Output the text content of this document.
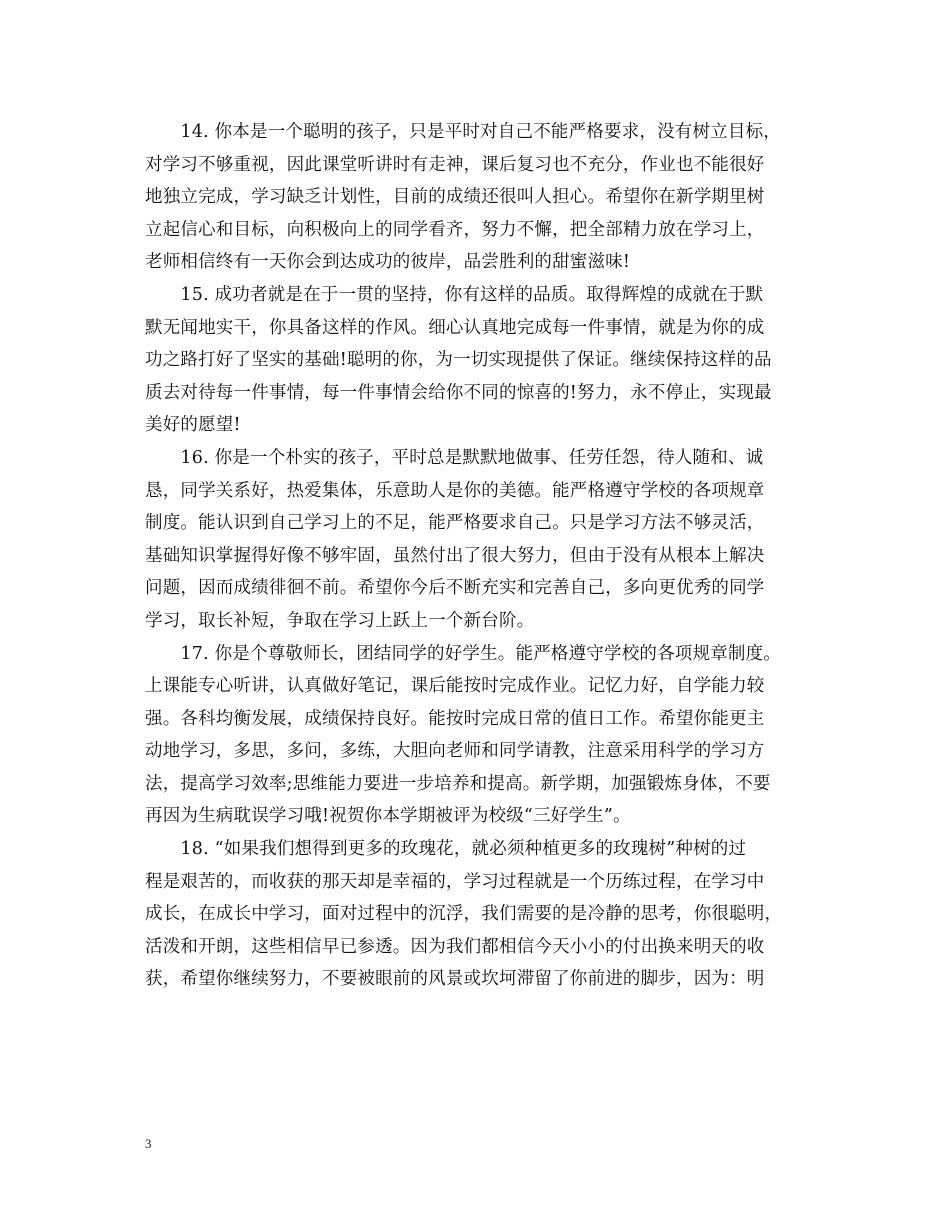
　　14. 你本是一个聪明的孩子，只是平时对自己不能严格要求，没有树立目标，
对学习不够重视，因此课堂听讲时有走神，课后复习也不充分，作业也不能很好
地独立完成，学习缺乏计划性，目前的成绩还很叫人担心。希望你在新学期里树
立起信心和目标，向积极向上的同学看齐，努力不懈，把全部精力放在学习上，
老师相信终有一天你会到达成功的彼岸，品尝胜利的甜蜜滋味!
　　15. 成功者就是在于一贯的坚持，你有这样的品质。取得辉煌的成就在于默
默无闻地实干，你具备这样的作风。细心认真地完成每一件事情，就是为你的成
功之路打好了坚实的基础!聪明的你，为一切实现提供了保证。继续保持这样的品
质去对待每一件事情，每一件事情会给你不同的惊喜的!努力，永不停止，实现最
美好的愿望!
　　16. 你是一个朴实的孩子，平时总是默默地做事、任劳任怨，待人随和、诚
恳，同学关系好，热爱集体，乐意助人是你的美德。能严格遵守学校的各项规章
制度。能认识到自己学习上的不足，能严格要求自己。只是学习方法不够灵活，
基础知识掌握得好像不够牢固，虽然付出了很大努力，但由于没有从根本上解决
问题，因而成绩徘徊不前。希望你今后不断充实和完善自己，多向更优秀的同学
学习，取长补短，争取在学习上跃上一个新台阶。
　　17. 你是个尊敬师长，团结同学的好学生。能严格遵守学校的各项规章制度。
上课能专心听讲，认真做好笔记，课后能按时完成作业。记忆力好，自学能力较
强。各科均衡发展，成绩保持良好。能按时完成日常的值日工作。希望你能更主
动地学习，多思，多问，多练，大胆向老师和同学请教，注意采用科学的学习方
法，提高学习效率;思维能力要进一步培养和提高。新学期，加强锻炼身体，不要
再因为生病耽误学习哦!祝贺你本学期被评为校级“三好学生”。
　　18. “如果我们想得到更多的玫瑰花，就必须种植更多的玫瑰树”种树的过
程是艰苦的，而收获的那天却是幸福的，学习过程就是一个历练过程，在学习中
成长，在成长中学习，面对过程中的沉浮，我们需要的是冷静的思考，你很聪明，
活泼和开朗，这些相信早已参透。因为我们都相信今天小小的付出换来明天的收
获，希望你继续努力，不要被眼前的风景或坎坷滞留了你前进的脚步，因为：明
3
